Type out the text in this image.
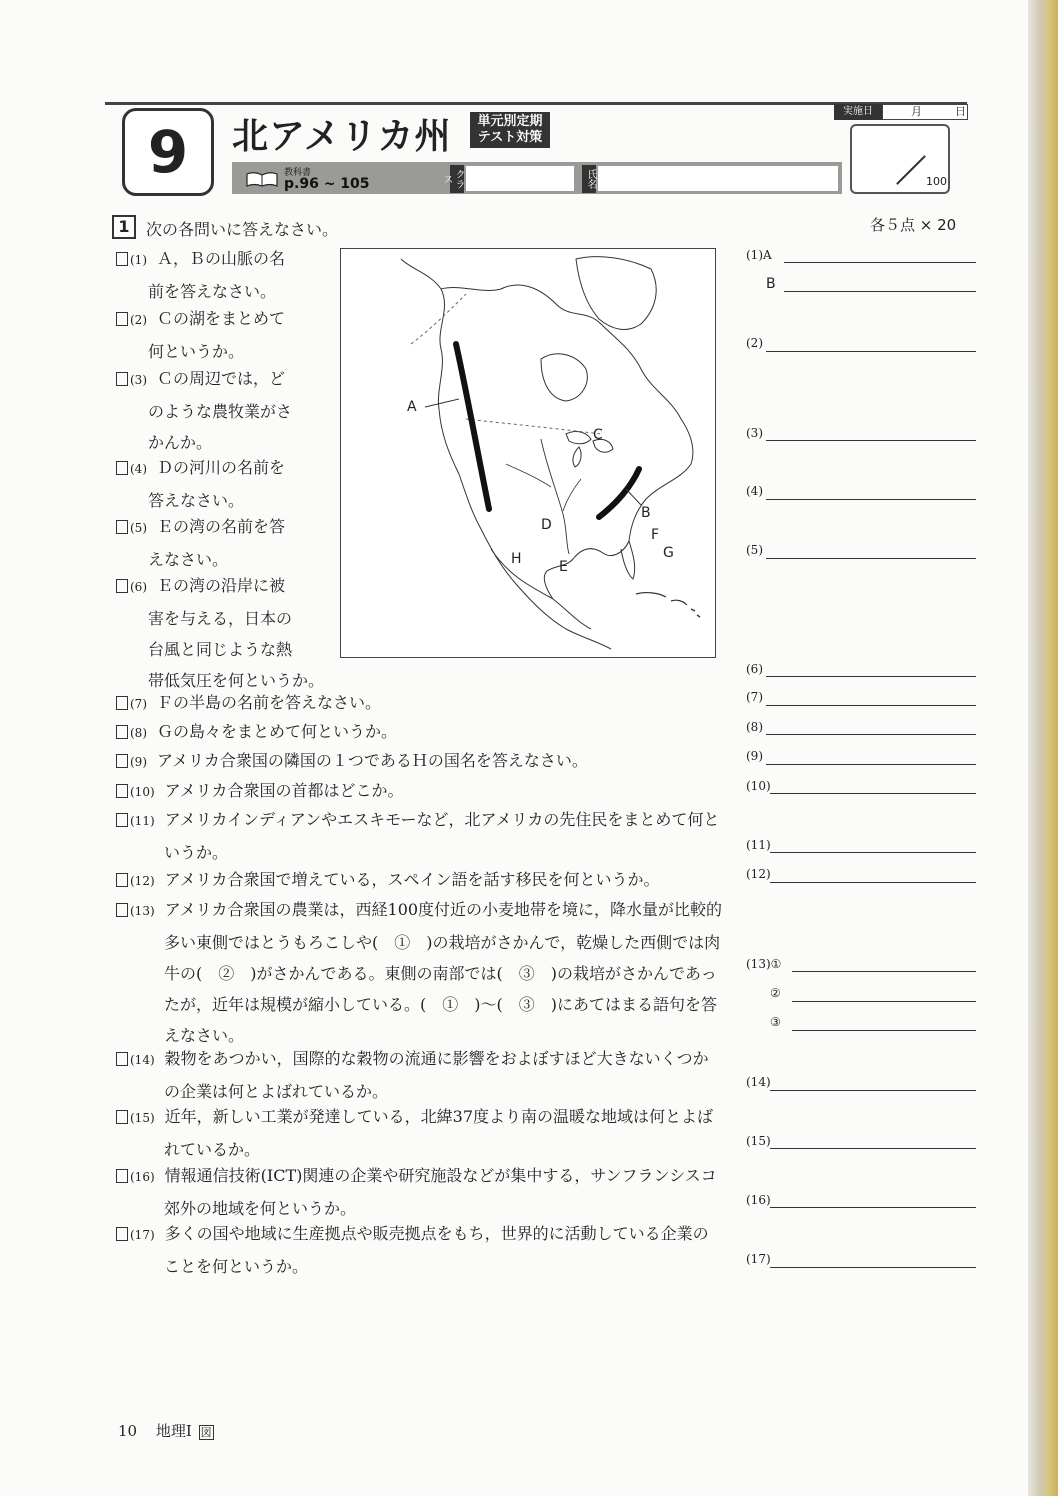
9	北アメリカ州	単元別定期
テスト対策
教科書
p.96 ~ 105	クラス	氏名
実施日	月	日
100
1	次の各問いに答えなさい。	各５点 × 20
(1) Ａ，Ｂの山脈の名
前を答えなさい。
(2) Ｃの湖をまとめて
何というか。
(3) Ｃの周辺では，ど
のような農牧業がさ
かんか。
(4) Ｄの河川の名前を
答えなさい。
(5) Ｅの湾の名前を答
えなさい。
(6) Ｅの湾の沿岸に被
害を与える，日本の
台風と同じような熱
帯低気圧を何というか。
A
B
C
D
E
F
G
H
(7) Ｆの半島の名前を答えなさい。
(8) Ｇの島々をまとめて何というか。
(9) アメリカ合衆国の隣国の１つであるＨの国名を答えなさい。
(10) アメリカ合衆国の首都はどこか。
(11) アメリカインディアンやエスキモーなど，北アメリカの先住民をまとめて何というか。
(12) アメリカ合衆国で増えている，スペイン語を話す移民を何というか。
(13) アメリカ合衆国の農業は，西経100度付近の小麦地帯を境に，降水量が比較的多い東側ではとうもろこしや(　①　)の栽培がさかんで，乾燥した西側では肉牛の(　②　)がさかんである。東側の南部では(　③　)の栽培がさかんであったが，近年は規模が縮小している。(　①　)～(　③　)にあてはまる語句を答えなさい。
(14) 穀物をあつかい，国際的な穀物の流通に影響をおよぼすほど大きないくつかの企業は何とよばれているか。
(15) 近年，新しい工業が発達している，北緯37度より南の温暖な地域は何とよばれているか。
(16) 情報通信技術(ICT)関連の企業や研究施設などが集中する，サンフランシスコ郊外の地域を何というか。
(17) 多くの国や地域に生産拠点や販売拠点をもち，世界的に活動している企業のことを何というか。
(1)A
B
(2)
(3)
(4)
(5)
(6)
(7)
(8)
(9)
(10)
(11)
(12)
(13)①
②
③
(14)
(15)
(16)
(17)
10 地理Ⅰ 図
